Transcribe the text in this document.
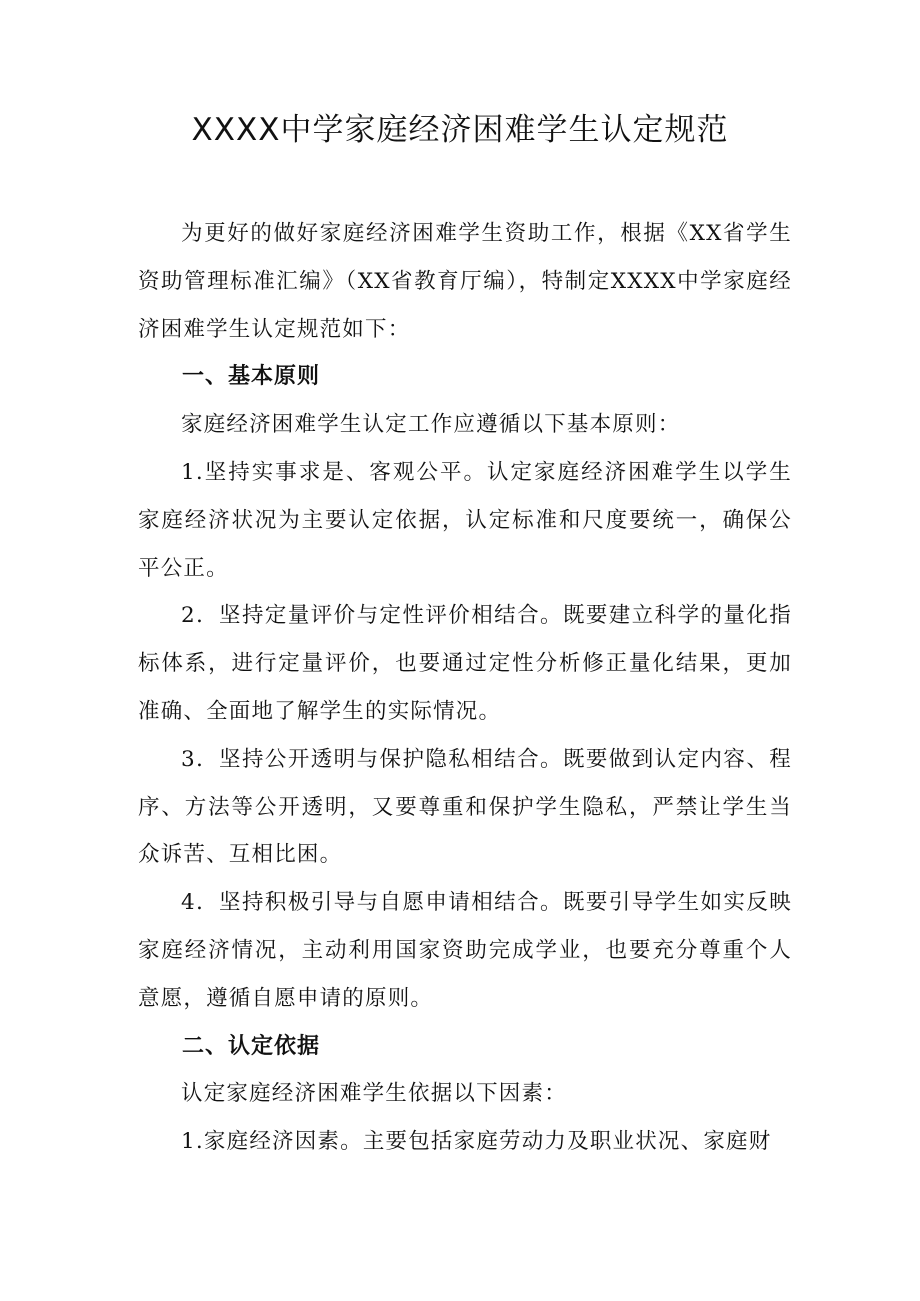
XXXX中学家庭经济困难学生认定规范

为更好的做好家庭经济困难学生资助工作，根据《XX省学生资助管理标准汇编》（XX省教育厅编），特制定XXXX中学家庭经济困难学生认定规范如下：

一、基本原则

家庭经济困难学生认定工作应遵循以下基本原则：

1.坚持实事求是、客观公平。认定家庭经济困难学生以学生家庭经济状况为主要认定依据，认定标准和尺度要统一，确保公平公正。

2．坚持定量评价与定性评价相结合。既要建立科学的量化指标体系，进行定量评价，也要通过定性分析修正量化结果，更加准确、全面地了解学生的实际情况。

3．坚持公开透明与保护隐私相结合。既要做到认定内容、程序、方法等公开透明，又要尊重和保护学生隐私，严禁让学生当众诉苦、互相比困。

4．坚持积极引导与自愿申请相结合。既要引导学生如实反映家庭经济情况，主动利用国家资助完成学业，也要充分尊重个人意愿，遵循自愿申请的原则。

二、认定依据

认定家庭经济困难学生依据以下因素：

1.家庭经济因素。主要包括家庭劳动力及职业状况、家庭财
